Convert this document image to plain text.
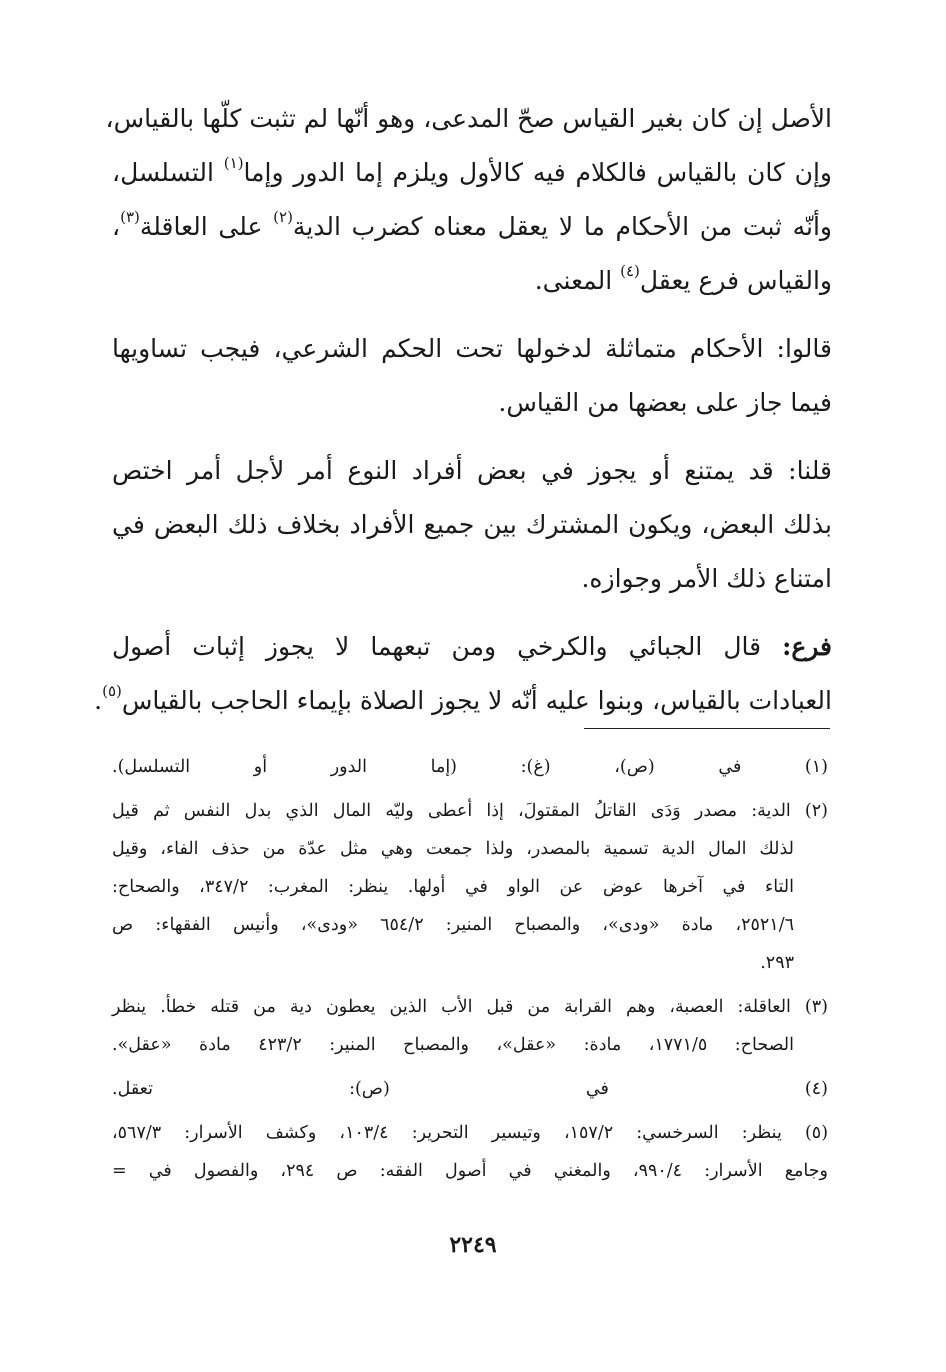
الأصل إن كان بغير القياس صحّ المدعى، وهو أنّها لم تثبت كلّها بالقياس،
وإن كان بالقياس فالكلام فيه كالأول ويلزم إما الدور وإما$^{(١)}$ التسلسل،
وأنّه ثبت من الأحكام ما لا يعقل معناه كضرب الدية$^{(٢)}$ على العاقلة$^{(٣)}$،
والقياس فرع يعقل$^{(٤)}$ المعنى.
قالوا: الأحكام متماثلة لدخولها تحت الحكم الشرعي، فيجب تساويها
فيما جاز على بعضها من القياس.
قلنا: قد يمتنع أو يجوز في بعض أفراد النوع أمر لأجل أمر اختص
بذلك البعض، ويكون المشترك بين جميع الأفراد بخلاف ذلك البعض في
امتناع ذلك الأمر وجوازه.
فرع: قال الجبائي والكرخي ومن تبعهما لا يجوز إثبات أصول
العبادات بالقياس، وبنوا عليه أنّه لا يجوز الصلاة بإيماء الحاجب بالقياس$^{(٥)}$.
(١) في (ص)، (غ): (إما الدور أو التسلسل).
(٢) الدية: مصدر وَدَى القاتلُ المقتولَ، إذا أعطى وليّه المال الذي بدل النفس ثم قيل
لذلك المال الدية تسمية بالمصدر، ولذا جمعت وهي مثل عدّة من حذف الفاء، وقيل
التاء في آخرها عوض عن الواو في أولها. ينظر: المغرب: ٣٤٧/٢، والصحاح:
٢٥٢١/٦، مادة «ودى»، والمصباح المنير: ٦٥٤/٢ «ودى»، وأنيس الفقهاء: ص
٢٩٣.
(٣) العاقلة: العصبة، وهم القرابة من قبل الأب الذين يعطون دية من قتله خطأ. ينظر
الصحاح: ١٧٧١/٥، مادة: «عقل»، والمصباح المنير: ٤٢٣/٢ مادة «عقل».
(٤) في (ص): تعقل.
(٥) ينظر: السرخسي: ١٥٧/٢، وتيسير التحرير: ١٠٣/٤، وكشف الأسرار: ٥٦٧/٣،
وجامع الأسرار: ٩٩٠/٤، والمغني في أصول الفقه: ص ٢٩٤، والفصول في =
٢٢٤٩
